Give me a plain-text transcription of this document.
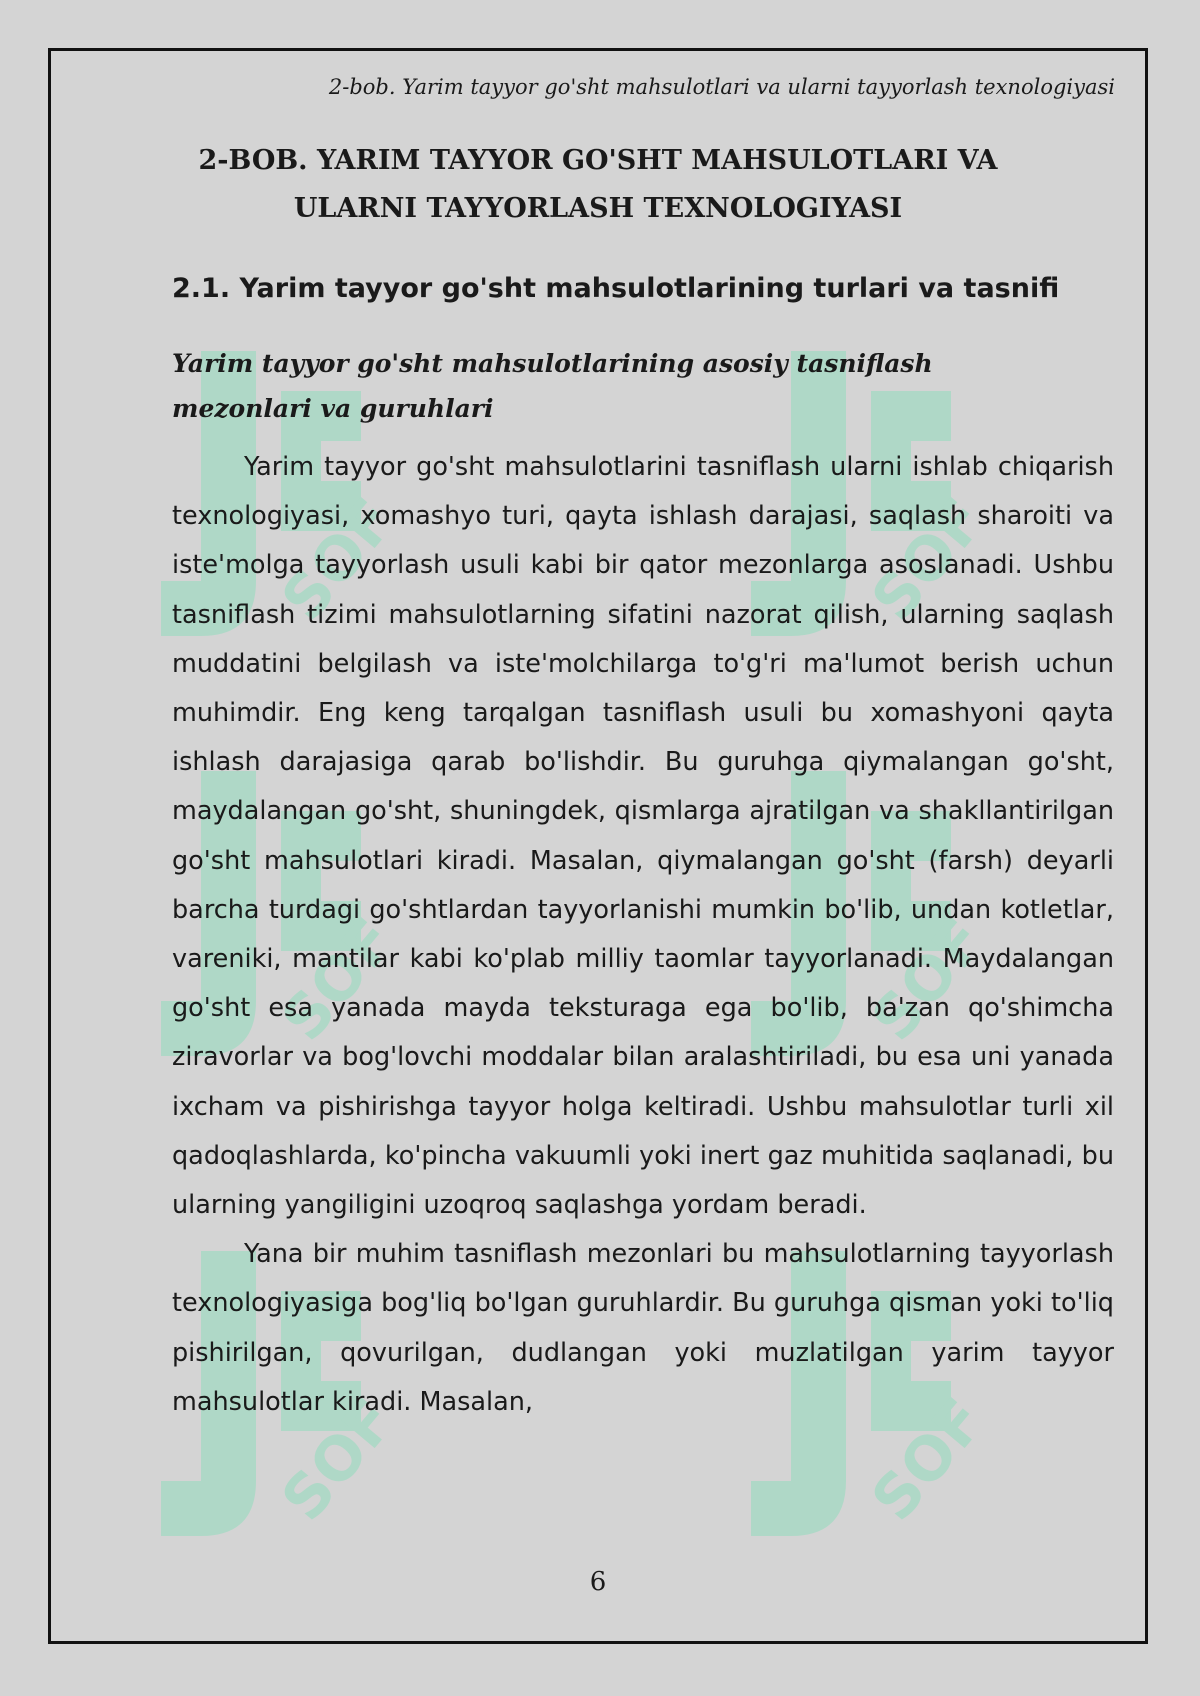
2-bob. Yarim tayyor go'sht mahsulotlari va ularni tayyorlash texnologiyasi
2-BOB. YARIM TAYYOR GO'SHT MAHSULOTLARI VA
ULARNI TAYYORLASH TEXNOLOGIYASI
2.1. Yarim tayyor go'sht mahsulotlarining turlari va tasnifi
Yarim tayyor go'sht mahsulotlarining asosiy tasniflash
mezonlari va guruhlari

Yarim tayyor go'sht mahsulotlarini tasniflash ularni ishlab chiqarish texnologiyasi, xomashyo turi, qayta ishlash darajasi, saqlash sharoiti va iste'molga tayyorlash usuli kabi bir qator mezonlarga asoslanadi. Ushbu tasniflash tizimi mahsulotlarning sifatini nazorat qilish, ularning saqlash muddatini belgilash va iste'molchilarga to'g'ri ma'lumot berish uchun muhimdir. Eng keng tarqalgan tasniflash usuli bu xomashyoni qayta ishlash darajasiga qarab bo'lishdir. Bu guruhga qiymalangan go'sht, maydalangan go'sht, shuningdek, qismlarga ajratilgan va shakllantirilgan go'sht mahsulotlari kiradi. Masalan, qiymalangan go'sht (farsh) deyarli barcha turdagi go'shtlardan tayyorlanishi mumkin bo'lib, undan kotletlar, vareniki, mantilar kabi ko'plab milliy taomlar tayyorlanadi. Maydalangan go'sht esa yanada mayda teksturaga ega bo'lib, ba'zan qo'shimcha ziravorlar va bog'lovchi moddalar bilan aralashtiriladi, bu esa uni yanada ixcham va pishirishga tayyor holga keltiradi. Ushbu mahsulotlar turli xil qadoqlashlarda, ko'pincha vakuumli yoki inert gaz muhitida saqlanadi, bu ularning yangiligini uzoqroq saqlashga yordam beradi.

Yana bir muhim tasniflash mezonlari bu mahsulotlarning tayyorlash texnologiyasiga bog'liq bo'lgan guruhlardir. Bu guruhga qisman yoki to'liq pishirilgan, qovurilgan, dudlangan yoki muzlatilgan yarim tayyor mahsulotlar kiradi. Masalan,

6
